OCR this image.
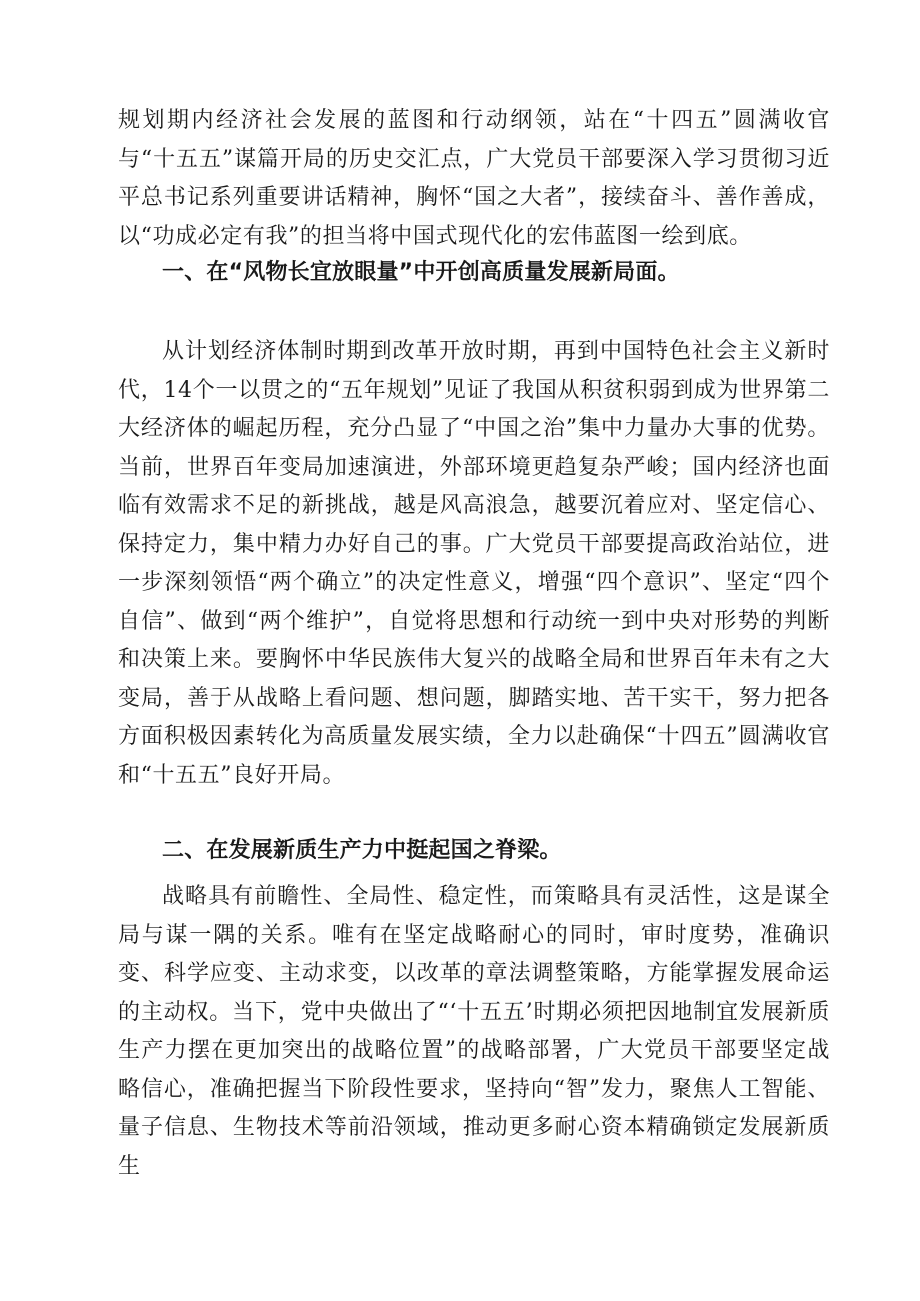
规划期内经济社会发展的蓝图和行动纲领，站在“十四五”圆满收官与“十五五”谋篇开局的历史交汇点，广大党员干部要深入学习贯彻习近平总书记系列重要讲话精神，胸怀“国之大者”，接续奋斗、善作善成，以“功成必定有我”的担当将中国式现代化的宏伟蓝图一绘到底。

一、在“风物长宜放眼量”中开创高质量发展新局面。

从计划经济体制时期到改革开放时期，再到中国特色社会主义新时代，14个一以贯之的“五年规划”见证了我国从积贫积弱到成为世界第二大经济体的崛起历程，充分凸显了“中国之治”集中力量办大事的优势。当前，世界百年变局加速演进，外部环境更趋复杂严峻；国内经济也面临有效需求不足的新挑战，越是风高浪急，越要沉着应对、坚定信心、保持定力，集中精力办好自己的事。广大党员干部要提高政治站位，进一步深刻领悟“两个确立”的决定性意义，增强“四个意识”、坚定“四个自信”、做到“两个维护”，自觉将思想和行动统一到中央对形势的判断和决策上来。要胸怀中华民族伟大复兴的战略全局和世界百年未有之大变局，善于从战略上看问题、想问题，脚踏实地、苦干实干，努力把各方面积极因素转化为高质量发展实绩，全力以赴确保“十四五”圆满收官和“十五五”良好开局。

二、在发展新质生产力中挺起国之脊梁。

战略具有前瞻性、全局性、稳定性，而策略具有灵活性，这是谋全局与谋一隅的关系。唯有在坚定战略耐心的同时，审时度势，准确识变、科学应变、主动求变，以改革的章法调整策略，方能掌握发展命运的主动权。当下，党中央做出了“‘十五五’时期必须把因地制宜发展新质生产力摆在更加突出的战略位置”的战略部署，广大党员干部要坚定战略信心，准确把握当下阶段性要求，坚持向“智”发力，聚焦人工智能、量子信息、生物技术等前沿领域，推动更多耐心资本精确锁定发展新质生
